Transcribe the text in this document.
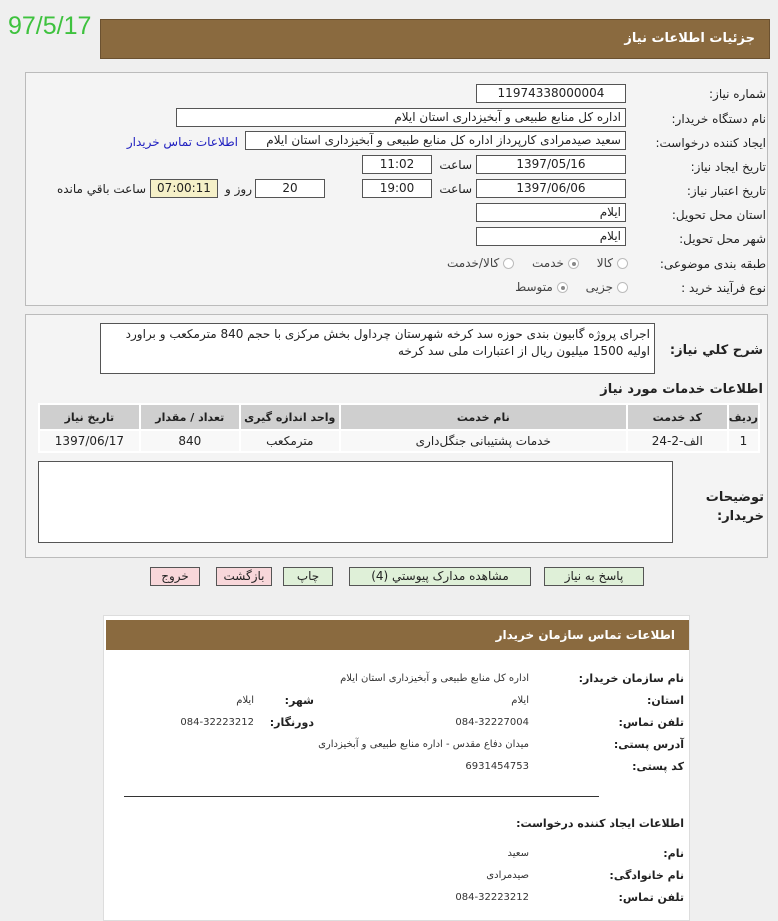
97/5/17	جزئیات اطلاعات نیاز
شماره نیاز:
11974338000004
نام دستگاه خریدار:
اداره کل منابع طبیعی و آبخیزداری استان ایلام
ایجاد کننده درخواست:
سعید صیدمرادی کارپرداز اداره کل منابع طبیعی و آبخیزداری استان ایلام
اطلاعات تماس خریدار
تاریخ ایجاد نیاز:
1397/05/16
ساعت
11:02
تاریخ اعتبار نیاز:
1397/06/06
ساعت
19:00
20
روز و
07:00:11
ساعت باقي مانده
استان محل تحویل:
ایلام
شهر محل تحویل:
ایلام
طبقه بندی موضوعی:
کالا خدمت کالا/خدمت
نوع فرآیند خرید :
جزیی متوسط
شرح کلي نياز:
اجرای پروژه گابیون بندی حوزه سد کرخه شهرستان چرداول بخش مرکزی با حجم 840 مترمکعب و براورد اولیه 1500 میلیون ریال از اعتبارات ملی سد کرخه
اطلاعات خدمات مورد نیاز
ردیف	کد خدمت	نام خدمت	واحد اندازه گیری	تعداد / مقدار	تاریخ نیاز
1	الف-2-24	خدمات پشتیبانی جنگل‌داری	مترمکعب	840	1397/06/17
توضیحات خریدار:
پاسخ به نیاز
مشاهده مدارک پیوستي (4)
چاپ
بازگشت
خروج
اطلاعات تماس سازمان خریدار
نام سازمان خریدار:
اداره کل منابع طبیعی و آبخیزداری استان ایلام
استان:
ایلام
شهر:
ایلام
تلفن تماس:
084-32227004
دورنگار:
084-32223212
آدرس پستی:
میدان دفاع مقدس - اداره منابع طبیعی و آبخیزداری
کد پستی:
6931454753
اطلاعات ایجاد کننده درخواست:
نام:
سعید
نام خانوادگی:
صیدمرادی
تلفن تماس:
084-32223212
